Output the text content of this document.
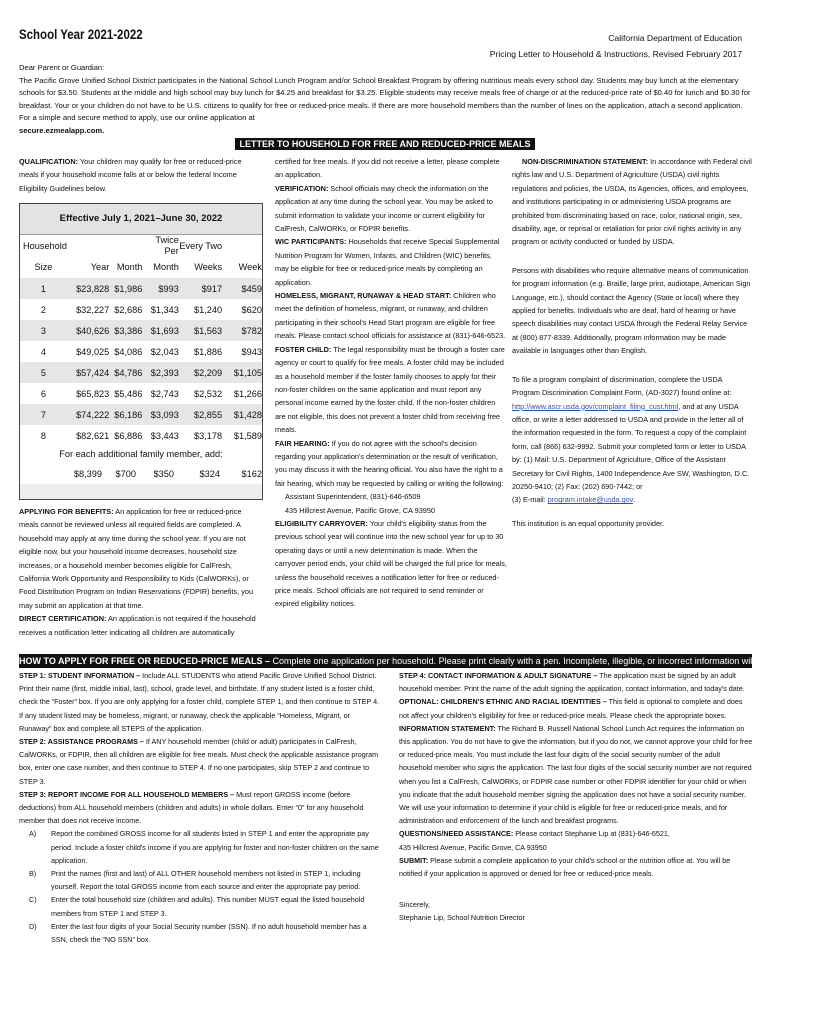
School Year 2021-2022	California Department of Education
Pricing Letter to Household & Instructions, Revised February 2017

Dear Parent or Guardian:

The Pacific Grove Unified School District participates in the National School Lunch Program and/or School Breakfast Program by offering nutritious meals every school day. Students may buy lunch at the elementary schools for $3.50. Students at the middle and high school may buy lunch for $4.25 and breakfast for $3.25. Eligible students may receive meals free of charge or at the reduced-price rate of $0.40 for lunch and $0.30 for breakfast. Your or your children do not have to be U.S. citizens to qualify for free or reduced-price meals. If there are more household members than the number of lines on the application, attach a second application. For a simple and secure method to apply, use our online application at
secure.ezmealapp.com.

LETTER TO HOUSEHOLD FOR FREE AND REDUCED-PRICE MEALS

QUALIFICATION: Your children may qualify for free or reduced-price meals if your household income falls at or below the federal Income Eligibility Guidelines below.

Effective July 1, 2021–June 30, 2022
Household			Twice Per	Every Two	
Size	Year	Month	Month	Weeks	Week
1	$23,828	$1,986	$993	$917	$459
2	$32,227	$2,686	$1,343	$1,240	$620
3	$40,626	$3,386	$1,693	$1,563	$782
4	$49,025	$4,086	$2,043	$1,886	$943
5	$57,424	$4,786	$2,393	$2,209	$1,105
6	$65,823	$5,486	$2,743	$2,532	$1,266
7	$74,222	$6,186	$3,093	$2,855	$1,428
8	$82,621	$6,886	$3,443	$3,178	$1,589
For each additional family member, add:
	$8,399	$700	$350	$324	$162

APPLYING FOR BENEFITS: An application for free or reduced-price meals cannot be reviewed unless all required fields are completed. A household may apply at any time during the school year. If you are not eligible now, but your household income decreases, household size increases, or a household member becomes eligible for CalFresh, California Work Opportunity and Responsibility to Kids (CalWORKs), or Food Distribution Program on Indian Reservations (FDPIR) benefits, you may submit an application at that time.

DIRECT CERTIFICATION: An application is not required if the household receives a notification letter indicating all children are automatically

certified for free meals. If you did not receive a letter, please complete an application.

VERIFICATION: School officials may check the information on the application at any time during the school year. You may be asked to submit information to validate your income or current eligibility for CalFresh, CalWORKs, or FDPIR benefits.

WIC PARTICIPANTS: Households that receive Special Supplemental Nutrition Program for Women, Infants, and Children (WIC) benefits, may be eligible for free or reduced-price meals by completing an application.

HOMELESS, MIGRANT, RUNAWAY & HEAD START: Children who meet the definition of homeless, migrant, or runaway, and children participating in their school's Head Start program are eligible for free meals. Please contact school officials for assistance at (831)-646-6523.

FOSTER CHILD: The legal responsibility must be through a foster care agency or court to qualify for free meals. A foster child may be included as a household member if the foster family chooses to apply for their non-foster children on the same application and must report any personal income earned by the foster child. If the non-foster children are not eligible, this does not prevent a foster child from receiving free meals.

FAIR HEARING: If you do not agree with the school's decision regarding your application's determination or the result of verification, you may discuss it with the hearing official. You also have the right to a fair hearing, which may be requested by calling or writing the following:

Assistant Superintendent, (831)-646-6509

435 Hillcrest Avenue, Pacific Grove, CA 93950

ELIGIBILITY CARRYOVER: Your child's eligibility status from the previous school year will continue into the new school year for up to 30 operating days or until a new determination is made. When the carryover period ends, your child will be charged the full price for meals, unless the household receives a notification letter for free or reduced-price meals. School officials are not required to send reminder or expired eligibility notices.

NON-DISCRIMINATION STATEMENT: In accordance with Federal civil rights law and U.S. Department of Agriculture (USDA) civil rights regulations and policies, the USDA, its Agencies, offices, and employees, and institutions participating in or administering USDA programs are prohibited from discriminating based on race, color, national origin, sex, disability, age, or reprisal or retaliation for prior civil rights activity in any program or activity conducted or funded by USDA.

Persons with disabilities who require alternative means of communication for program information (e.g. Braille, large print, audiotape, American Sign Language, etc.), should contact the Agency (State or local) where they applied for benefits. Individuals who are deaf, hard of hearing or have speech disabilities may contact USDA through the Federal Relay Service at (800) 877-8339. Additionally, program information may be made available in languages other than English.

To file a program complaint of discrimination, complete the USDA Program Discrimination Complaint Form, (AD-3027) found online at: http://www.ascr.usda.gov/complaint_filing_cust.html, and at any USDA office, or write a letter addressed to USDA and provide in the letter all of the information requested in the form. To request a copy of the complaint form, call (866) 632-9992. Submit your completed form or letter to USDA by: (1) Mail: U.S. Department of Agriculture, Office of the Assistant Secretary for Civil Rights, 1400 Independence Ave SW, Washington, D.C. 20250-9410; (2) Fax: (202) 690-7442; or

(3) E-mail: program.intake@usda.gov.

This institution is an equal opportunity provider.

HOW TO APPLY FOR FREE OR REDUCED-PRICE MEALS – Complete one application per household. Please print clearly with a pen. Incomplete, illegible, or incorrect information will delay processing.

STEP 1: STUDENT INFORMATION – Include ALL STUDENTS who attend Pacific Grove Unified School District. Print their name (first, middle initial, last), school, grade level, and birthdate. If any student listed is a foster child, check the “Foster” box. If you are only applying for a foster child, complete STEP 1, and then continue to STEP 4. If any student listed may be homeless, migrant, or runaway, check the applicable “Homeless, Migrant, or Runaway” box and complete all STEPS of the application.

STEP 2: ASSISTANCE PROGRAMS – If ANY household member (child or adult) participates in CalFresh, CalWORKs, or FDPIR, then all children are eligible for free meals. Must check the applicable assistance program box, enter one case number, and then continue to STEP 4. If no one participates, skip STEP 2 and continue to STEP 3.

STEP 3: REPORT INCOME FOR ALL HOUSEHOLD MEMBERS – Must report GROSS income (before deductions) from ALL household members (children and adults) in whole dollars. Enter “0” for any household member that does not receive income.

A)	Report the combined GROSS income for all students listed in STEP 1 and enter the appropriate pay period. Include a foster child's income if you are applying for foster and non-foster children on the same application.
B)	Print the names (first and last) of ALL OTHER household members not listed in STEP 1, including yourself. Report the total GROSS income from each source and enter the appropriate pay period.
C)	Enter the total household size (children and adults). This number MUST equal the listed household members from STEP 1 and STEP 3.
D)	Enter the last four digits of your Social Security number (SSN). If no adult household member has a SSN, check the “NO SSN” box.

STEP 4: CONTACT INFORMATION & ADULT SIGNATURE – The application must be signed by an adult household member. Print the name of the adult signing the application, contact information, and today's date.

OPTIONAL: CHILDREN'S ETHNIC AND RACIAL IDENTITIES – This field is optional to complete and does not affect your children's eligibility for free or reduced-price meals. Please check the appropriate boxes.

INFORMATION STATEMENT: The Richard B. Russell National School Lunch Act requires the information on this application. You do not have to give the information, but if you do not, we cannot approve your child for free or reduced-price meals. You must include the last four digits of the social security number of the adult household member who signs the application. The last four digits of the social security number are not required when you list a CalFresh, CalWORKs, or FDPIR case number or other FDPIR identifier for your child or when you indicate that the adult household member signing the application does not have a social security number. We will use your information to determine if your child is eligible for free or reduced-price meals, and for administration and enforcement of the lunch and breakfast programs.

QUESTIONS/NEED ASSISTANCE: Please contact Stephanie Lip at (831)-646-6521,

435 Hillcrest Avenue, Pacific Grove, CA 93950

SUBMIT: Please submit a complete application to your child's school or the nutrition office at. You will be notified if your application is approved or denied for free or reduced-price meals.

Sincerely,

Stephanie Lip, School Nutrition Director
